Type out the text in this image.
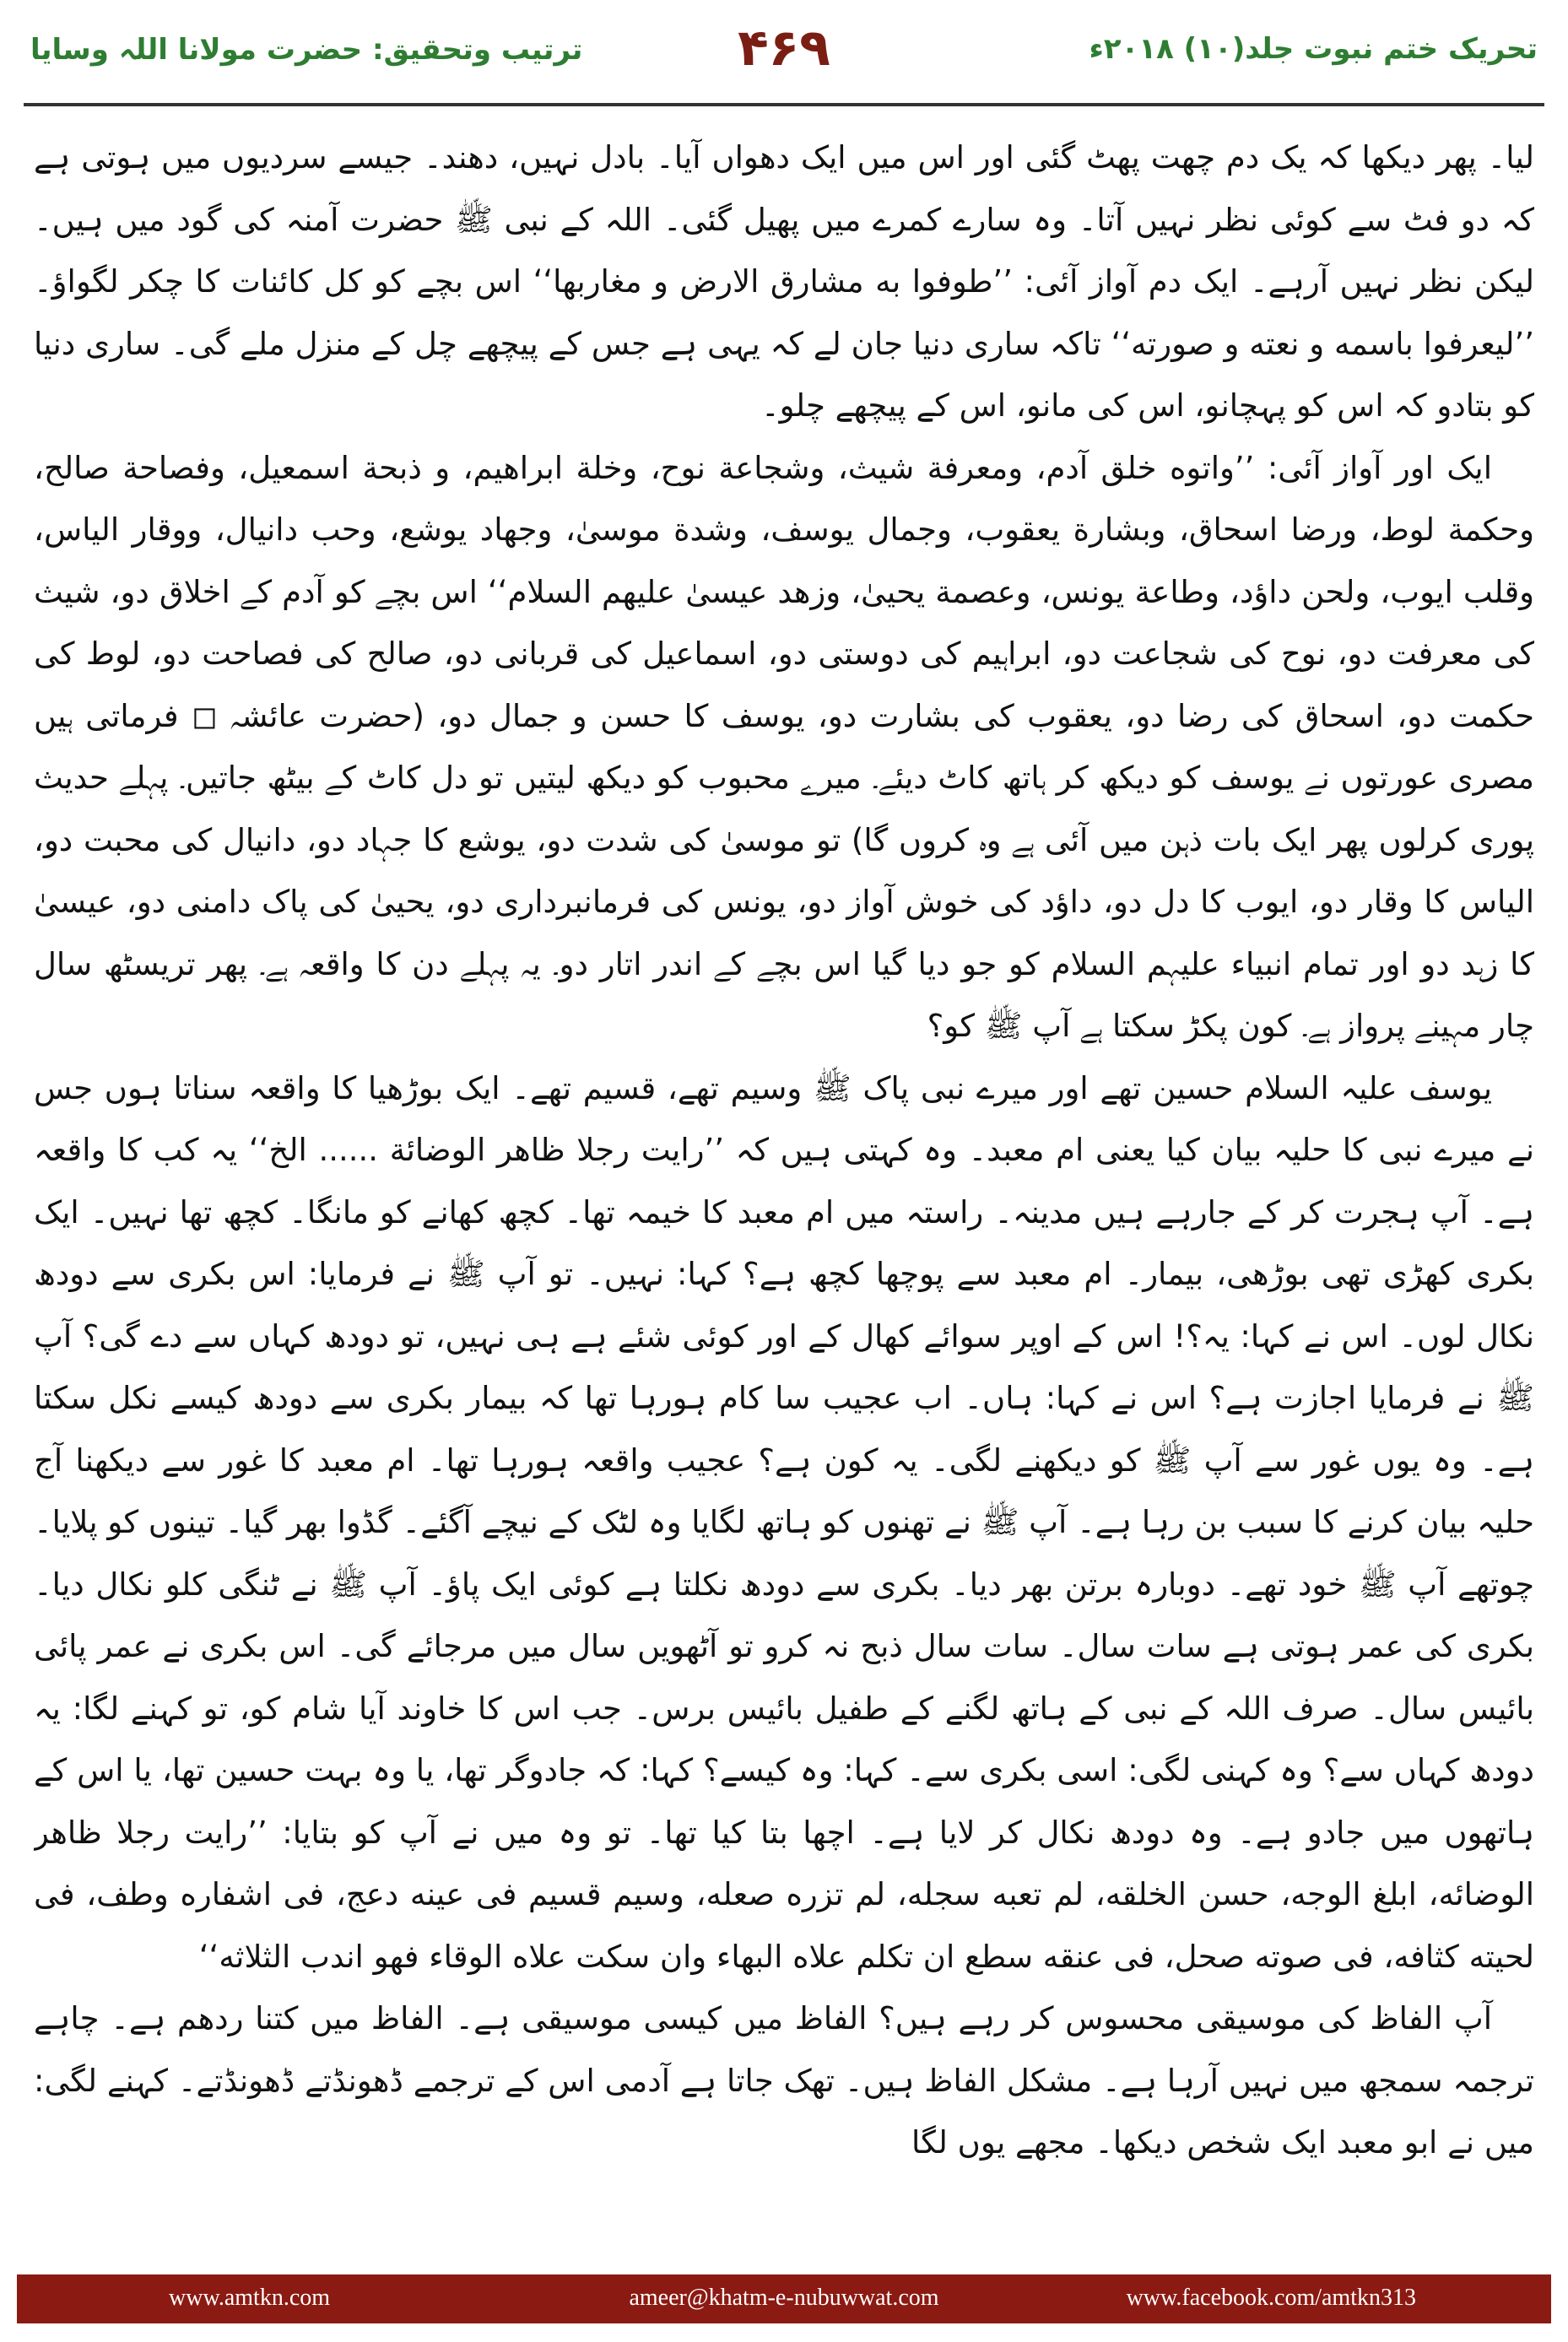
ترتیب وتحقیق: حضرت مولانا اللہ وسایا	۴۶۹	تحریک ختم نبوت جلد(۱۰) ۲۰۱۸ء

لیا۔ پھر دیکھا کہ یک دم چھت پھٹ گئی اور اس میں ایک دھواں آیا۔ بادل نہیں، دھند۔ جیسے سردیوں میں ہوتی ہے کہ دو فٹ سے کوئی نظر نہیں آتا۔ وہ سارے کمرے میں پھیل گئی۔ اللہ کے نبی ﷺ حضرت آمنہ کی گود میں ہیں۔ لیکن نظر نہیں آرہے۔ ایک دم آواز آئی: ’’طوفوا به مشارق الارض و مغاربها‘‘ اس بچے کو کل کائنات کا چکر لگواؤ۔ ’’ليعرفوا باسمه و نعته و صورته‘‘ تاکہ ساری دنیا جان لے کہ یہی ہے جس کے پیچھے چل کے منزل ملے گی۔ ساری دنیا کو بتادو کہ اس کو پہچانو، اس کی مانو، اس کے پیچھے چلو۔

ایک اور آواز آئی: ’’واتوه خلق آدم، ومعرفة شيث، وشجاعة نوح، وخلة ابراهيم، و ذبحة اسمعيل، وفصاحة صالح، وحكمة لوط، ورضا اسحاق، وبشارة يعقوب، وجمال يوسف، وشدة موسىٰ، وجهاد يوشع، وحب دانيال، ووقار الياس، وقلب ايوب، ولحن داؤد، وطاعة يونس، وعصمة يحيىٰ، وزهد عيسىٰ عليهم السلام‘‘ اس بچے کو آدم کے اخلاق دو، شیث کی معرفت دو، نوح کی شجاعت دو، ابراہیم کی دوستی دو، اسماعیل کی قربانی دو، صالح کی فصاحت دو، لوط کی حکمت دو، اسحاق کی رضا دو، یعقوب کی بشارت دو، یوسف کا حسن و جمال دو، (حضرت عائشہ ◻ فرماتی ہیں مصری عورتوں نے یوسف کو دیکھ کر ہاتھ کاٹ دیئے۔ میرے محبوب کو دیکھ لیتیں تو دل کاٹ کے بیٹھ جاتیں۔ پہلے حدیث پوری کرلوں پھر ایک بات ذہن میں آئی ہے وہ کروں گا) تو موسیٰ کی شدت دو، یوشع کا جہاد دو، دانیال کی محبت دو، الیاس کا وقار دو، ایوب کا دل دو، داؤد کی خوش آواز دو، یونس کی فرمانبرداری دو، یحییٰ کی پاک دامنی دو، عیسیٰ کا زہد دو اور تمام انبیاء علیہم السلام کو جو دیا گیا اس بچے کے اندر اتار دو۔ یہ پہلے دن کا واقعہ ہے۔ پھر تریسٹھ سال چار مہینے پرواز ہے۔ کون پکڑ سکتا ہے آپ ﷺ کو؟

یوسف علیہ السلام حسین تھے اور میرے نبی پاک ﷺ وسیم تھے، قسیم تھے۔ ایک بوڑھیا کا واقعہ سناتا ہوں جس نے میرے نبی کا حلیہ بیان کیا یعنی ام معبد۔ وہ کہتی ہیں کہ ’’رايت رجلا ظاهر الوضائة ...... الخ‘‘ یہ کب کا واقعہ ہے۔ آپ ہجرت کر کے جارہے ہیں مدینہ۔ راستہ میں ام معبد کا خیمہ تھا۔ کچھ کھانے کو مانگا۔ کچھ تھا نہیں۔ ایک بکری کھڑی تھی بوڑھی، بیمار۔ ام معبد سے پوچھا کچھ ہے؟ کہا: نہیں۔ تو آپ ﷺ نے فرمایا: اس بکری سے دودھ نکال لوں۔ اس نے کہا: یہ؟! اس کے اوپر سوائے کھال کے اور کوئی شئے ہے ہی نہیں، تو دودھ کہاں سے دے گی؟ آپ ﷺ نے فرمایا اجازت ہے؟ اس نے کہا: ہاں۔ اب عجیب سا کام ہورہا تھا کہ بیمار بکری سے دودھ کیسے نکل سکتا ہے۔ وہ یوں غور سے آپ ﷺ کو دیکھنے لگی۔ یہ کون ہے؟ عجیب واقعہ ہورہا تھا۔ ام معبد کا غور سے دیکھنا آج حلیہ بیان کرنے کا سبب بن رہا ہے۔ آپ ﷺ نے تھنوں کو ہاتھ لگایا وہ لٹک کے نیچے آگئے۔ گڈوا بھر گیا۔ تینوں کو پلایا۔ چوتھے آپ ﷺ خود تھے۔ دوبارہ برتن بھر دیا۔ بکری سے دودھ نکلتا ہے کوئی ایک پاؤ۔ آپ ﷺ نے ٹنگی کلو نکال دیا۔ بکری کی عمر ہوتی ہے سات سال۔ سات سال ذبح نہ کرو تو آٹھویں سال میں مرجائے گی۔ اس بکری نے عمر پائی بائیس سال۔ صرف اللہ کے نبی کے ہاتھ لگنے کے طفیل بائیس برس۔ جب اس کا خاوند آیا شام کو، تو کہنے لگا: یہ دودھ کہاں سے؟ وہ کہنی لگی: اسی بکری سے۔ کہا: وہ کیسے؟ کہا: کہ جادوگر تھا، یا وہ بہت حسین تھا، یا اس کے ہاتھوں میں جادو ہے۔ وہ دودھ نکال کر لایا ہے۔ اچھا بتا کیا تھا۔ تو وہ میں نے آپ کو بتایا: ’’رايت رجلا ظاهر الوضائه، ابلغ الوجه، حسن الخلقه، لم تعبه سجله، لم تزره صعله، وسيم قسيم فى عينه دعج، فى اشفاره وطف، فى لحيته كثافه، فى صوته صحل، فى عنقه سطع ان تكلم علاه البهاء وان سكت علاه الوقاء فهو اندب الثلاثه‘‘

آپ الفاظ کی موسیقی محسوس کر رہے ہیں؟ الفاظ میں کیسی موسیقی ہے۔ الفاظ میں کتنا ردھم ہے۔ چاہے ترجمہ سمجھ میں نہیں آرہا ہے۔ مشکل الفاظ ہیں۔ تھک جاتا ہے آدمی اس کے ترجمے ڈھونڈتے ڈھونڈتے۔ کہنے لگی: میں نے ابو معبد ایک شخص دیکھا۔ مجھے یوں لگا

www.amtkn.com	ameer@khatm-e-nubuwwat.com	www.facebook.com/amtkn313
